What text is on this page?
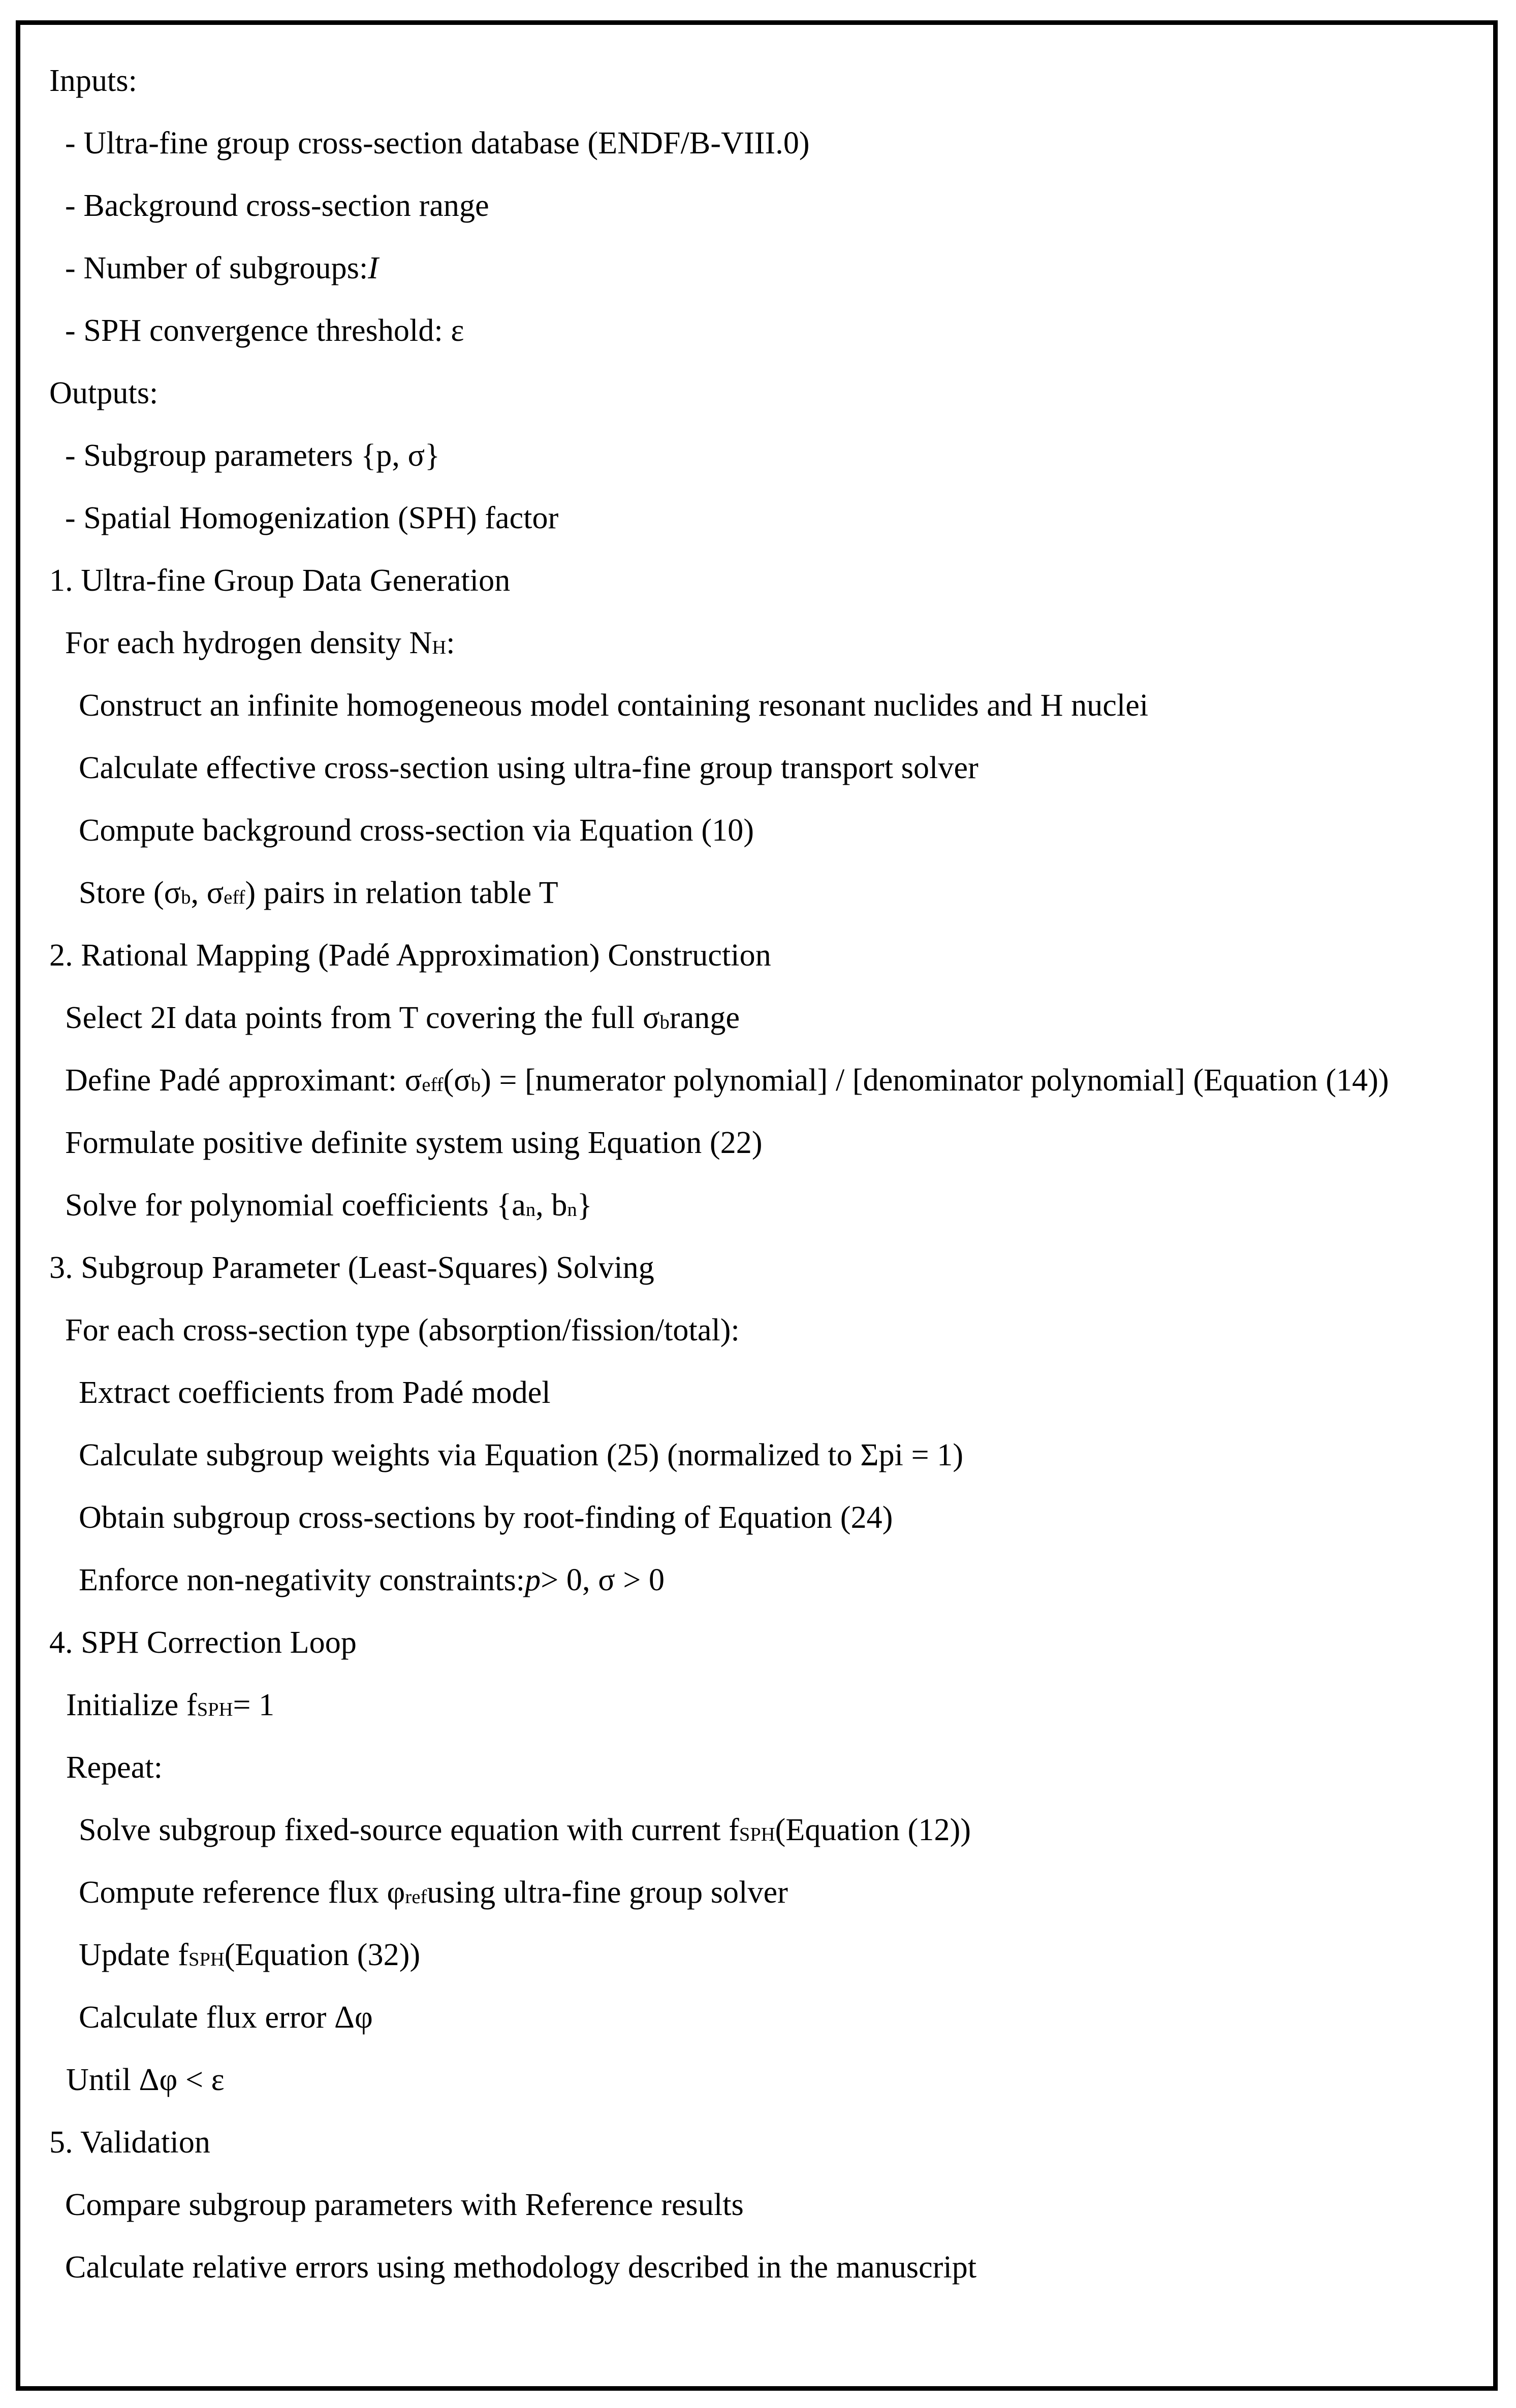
Inputs:
- Ultra-fine group cross-section database (ENDF/B-VIII.0)
- Background cross-section range
- Number of subgroups: I
- SPH convergence threshold: ε
Outputs:
- Subgroup parameters {p, σ}
- Spatial Homogenization (SPH) factor
1. Ultra-fine Group Data Generation
For each hydrogen density $N_H$ :
Construct an infinite homogeneous model containing resonant nuclides and H nuclei
Calculate effective cross-section using ultra-fine group transport solver
Compute background cross-section via Equation (10)
Store ($\sigma_b$ , $\sigma_{eff}$ ) pairs in relation table T
2. Rational Mapping (Padé Approximation) Construction
Select 2I data points from T covering the full $\sigma_b$ range
Define Padé approximant: $\sigma_{eff}$ ($\sigma_b$ ) = [numerator polynomial] / [denominator polynomial] (Equation (14))
Formulate positive definite system using Equation (22)
Solve for polynomial coefficients {$a_n$ , $b_n$ }
3. Subgroup Parameter (Least-Squares) Solving
For each cross-section type (absorption/fission/total):
Extract coefficients from Padé model
Calculate subgroup weights via Equation (25) (normalized to Σpi = 1)
Obtain subgroup cross-sections by root-finding of Equation (24)
Enforce non-negativity constraints: p > 0, σ > 0
4. SPH Correction Loop
Initialize $f_{SPH} = 1$
Repeat:
Solve subgroup fixed-source equation with current $f_{SPH}$ (Equation (12))
Compute reference flux $\varphi_{ref}$ using ultra-fine group solver
Update $f_{SPH}$ (Equation (32))
Calculate flux error Δφ
Until Δφ < ε
5. Validation
Compare subgroup parameters with Reference results
Calculate relative errors using methodology described in the manuscript
